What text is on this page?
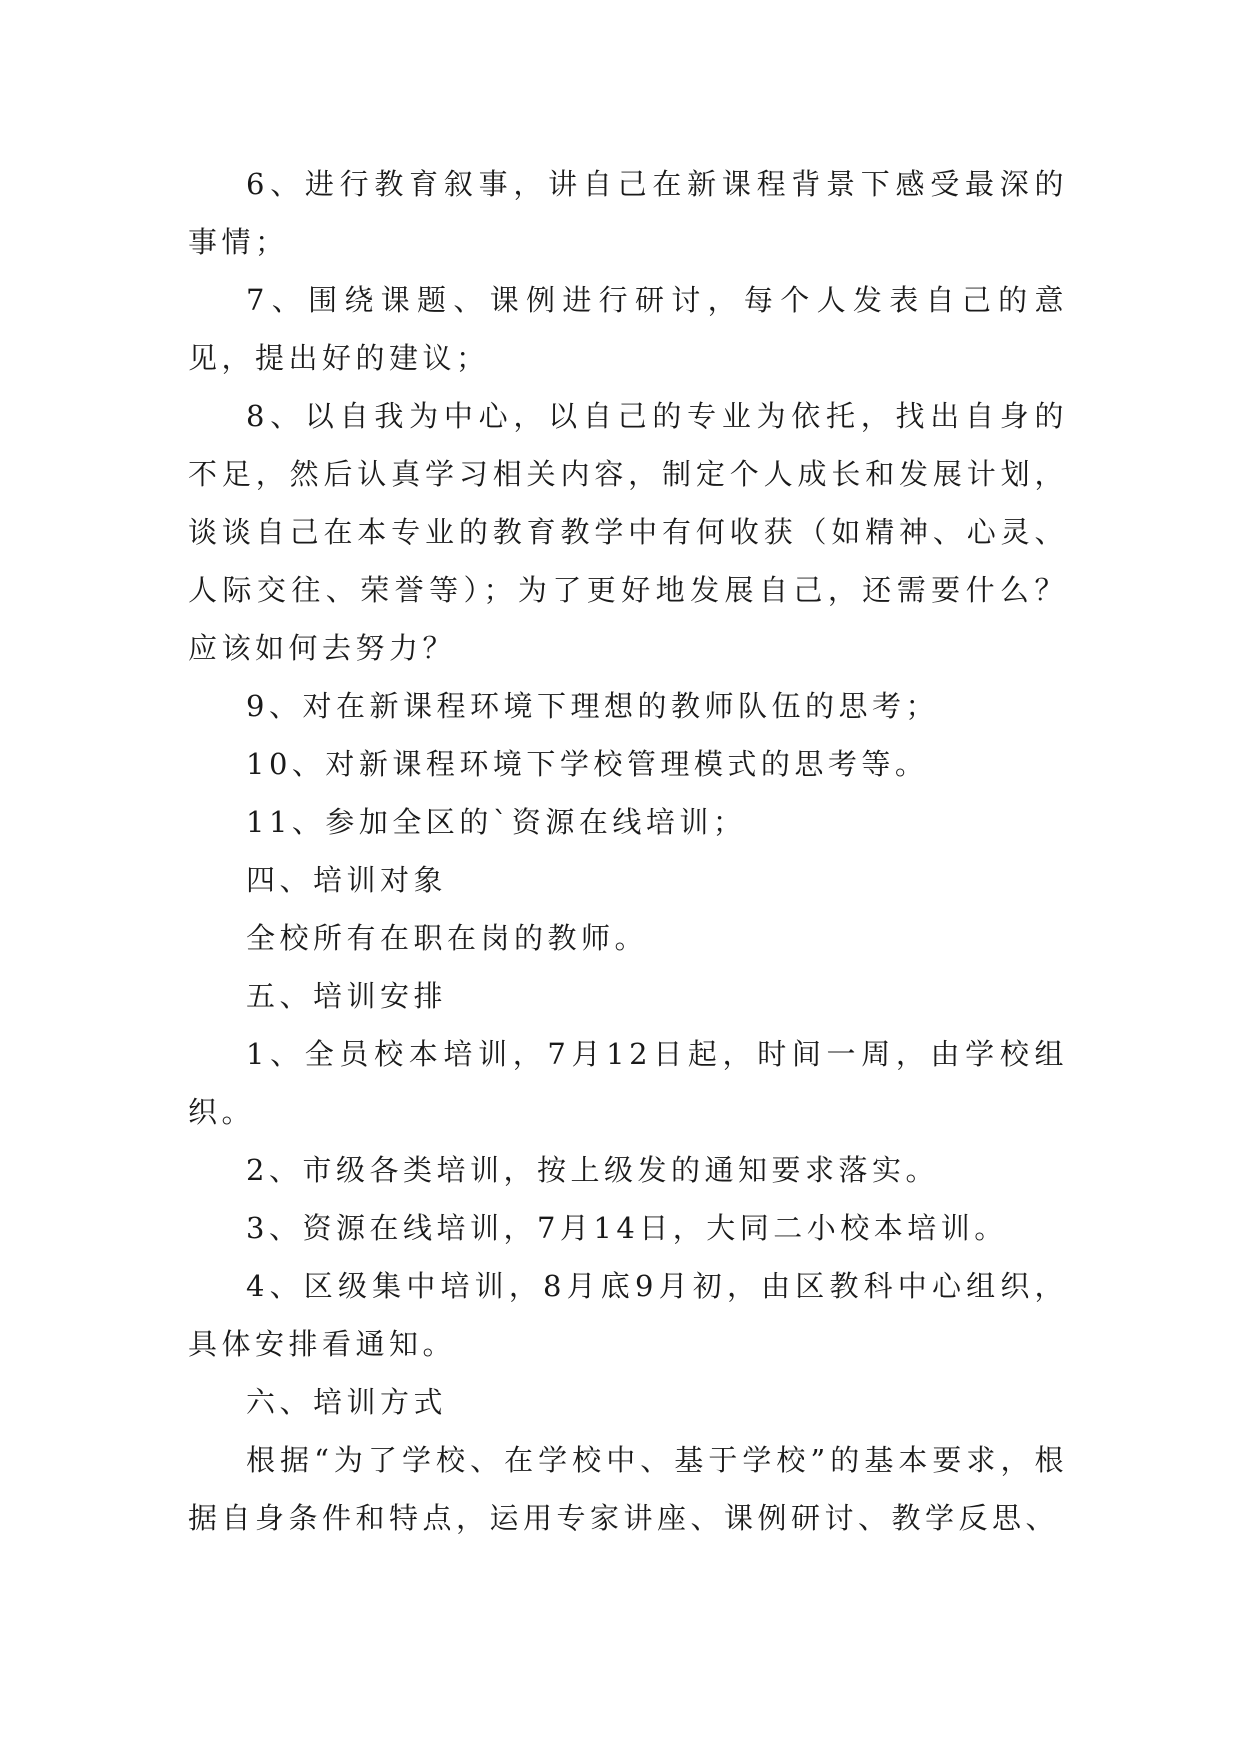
6、进行教育叙事，讲自己在新课程背景下感受最深的事情；

7、围绕课题、课例进行研讨，每个人发表自己的意见，提出好的建议；

8、以自我为中心，以自己的专业为依托，找出自身的不足，然后认真学习相关内容，制定个人成长和发展计划，谈谈自己在本专业的教育教学中有何收获（如精神、心灵、人际交往、荣誉等）；为了更好地发展自己，还需要什么？应该如何去努力？

9、对在新课程环境下理想的教师队伍的思考；

10、对新课程环境下学校管理模式的思考等。

11、参加全区的`资源在线培训；

四、培训对象

全校所有在职在岗的教师。

五、培训安排

1、全员校本培训，7月12日起，时间一周，由学校组织。

2、市级各类培训，按上级发的通知要求落实。

3、资源在线培训，7月14日，大同二小校本培训。

4、区级集中培训，8月底9月初，由区教科中心组织，具体安排看通知。

六、培训方式

根据“为了学校、在学校中、基于学校”的基本要求，根据自身条件和特点，运用专家讲座、课例研讨、教学反思、
